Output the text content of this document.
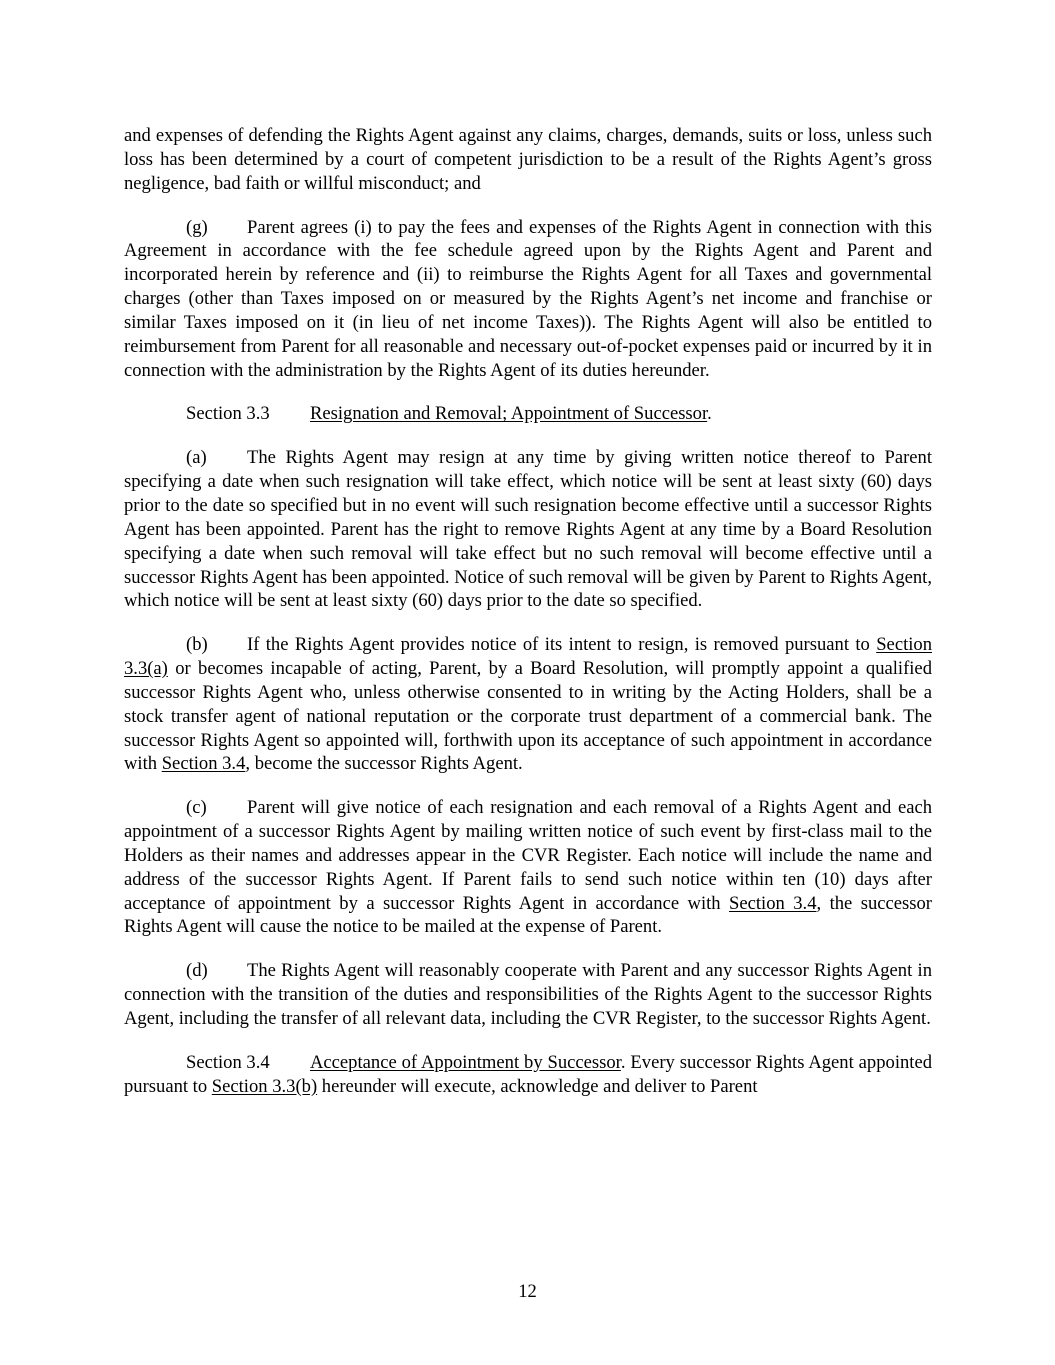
and expenses of defending the Rights Agent against any claims, charges, demands, suits or loss, unless such loss has been determined by a court of competent jurisdiction to be a result of the Rights Agent’s gross negligence, bad faith or willful misconduct; and

(g) Parent agrees (i) to pay the fees and expenses of the Rights Agent in connection with this Agreement in accordance with the fee schedule agreed upon by the Rights Agent and Parent and incorporated herein by reference and (ii) to reimburse the Rights Agent for all Taxes and governmental charges (other than Taxes imposed on or measured by the Rights Agent’s net income and franchise or similar Taxes imposed on it (in lieu of net income Taxes)). The Rights Agent will also be entitled to reimbursement from Parent for all reasonable and necessary out-of-pocket expenses paid or incurred by it in connection with the administration by the Rights Agent of its duties hereunder.

Section 3.3 Resignation and Removal; Appointment of Successor.

(a) The Rights Agent may resign at any time by giving written notice thereof to Parent specifying a date when such resignation will take effect, which notice will be sent at least sixty (60) days prior to the date so specified but in no event will such resignation become effective until a successor Rights Agent has been appointed. Parent has the right to remove Rights Agent at any time by a Board Resolution specifying a date when such removal will take effect but no such removal will become effective until a successor Rights Agent has been appointed. Notice of such removal will be given by Parent to Rights Agent, which notice will be sent at least sixty (60) days prior to the date so specified.

(b) If the Rights Agent provides notice of its intent to resign, is removed pursuant to Section 3.3(a) or becomes incapable of acting, Parent, by a Board Resolution, will promptly appoint a qualified successor Rights Agent who, unless otherwise consented to in writing by the Acting Holders, shall be a stock transfer agent of national reputation or the corporate trust department of a commercial bank. The successor Rights Agent so appointed will, forthwith upon its acceptance of such appointment in accordance with Section 3.4, become the successor Rights Agent.

(c) Parent will give notice of each resignation and each removal of a Rights Agent and each appointment of a successor Rights Agent by mailing written notice of such event by first-class mail to the Holders as their names and addresses appear in the CVR Register. Each notice will include the name and address of the successor Rights Agent. If Parent fails to send such notice within ten (10) days after acceptance of appointment by a successor Rights Agent in accordance with Section 3.4, the successor Rights Agent will cause the notice to be mailed at the expense of Parent.

(d) The Rights Agent will reasonably cooperate with Parent and any successor Rights Agent in connection with the transition of the duties and responsibilities of the Rights Agent to the successor Rights Agent, including the transfer of all relevant data, including the CVR Register, to the successor Rights Agent.

Section 3.4 Acceptance of Appointment by Successor. Every successor Rights Agent appointed pursuant to Section 3.3(b) hereunder will execute, acknowledge and deliver to Parent

12
